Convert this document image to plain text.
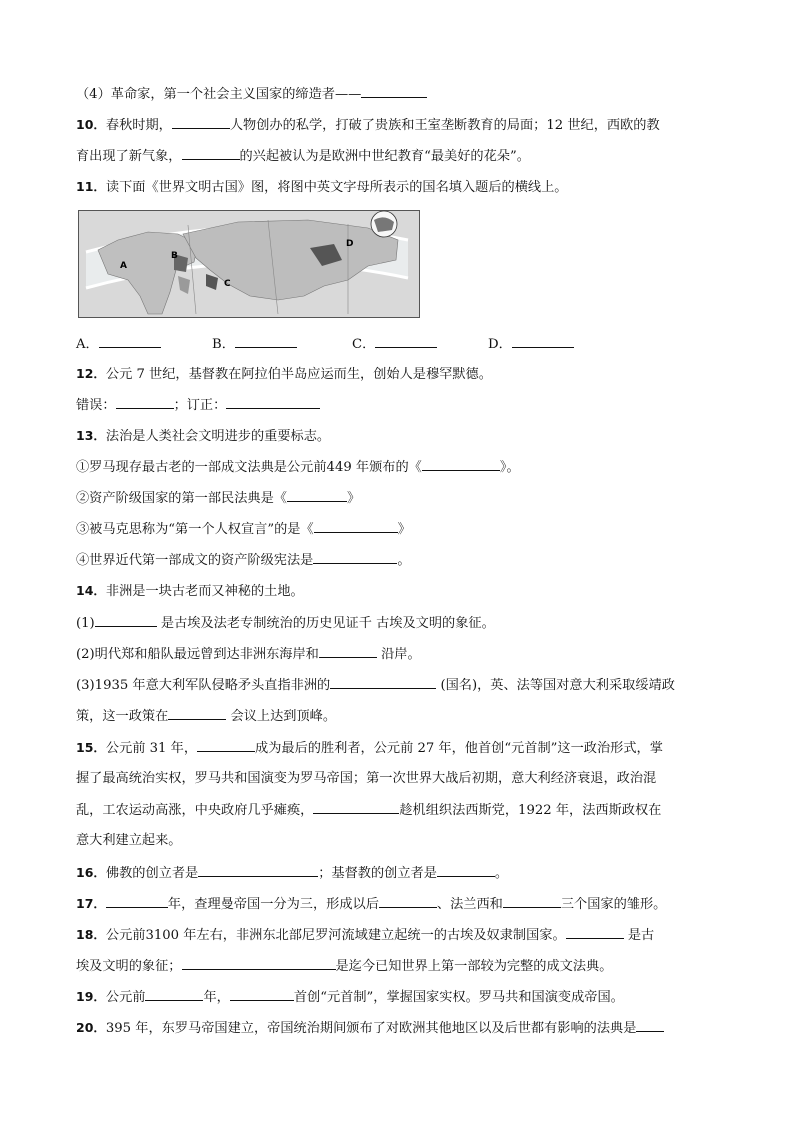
（4）革命家，第一个社会主义国家的缔造者——
10．春秋时期，	人物创办的私学，打破了贵族和王室垄断教育的局面；12 世纪，西欧的教
育出现了新气象，	的兴起被认为是欧洲中世纪教育“最美好的花朵”。
11．读下面《世界文明古国》图，将图中英文字母所表示的国名填入题后的横线上。
A
B
C
D
A．	B．	C．	D．
12．公元 7 世纪，基督教在阿拉伯半岛应运而生，创始人是穆罕默德。
错误：	；订正：
13．法治是人类社会文明进步的重要标志。
①罗马现存最古老的一部成文法典是公元前449 年颁布的《	》。
②资产阶级国家的第一部民法典是《	》
③被马克思称为“第一个人权宣言”的是《	》
④世界近代第一部成文的资产阶级宪法是	。
14．非洲是一块古老而又神秘的土地。
(1)	是古埃及法老专制统治的历史见证千 古埃及文明的象征。
(2)明代郑和船队最远曾到达非洲东海岸和	沿岸。
(3)1935 年意大利军队侵略矛头直指非洲的	(国名)，英、法等国对意大利采取绥靖政
策，这一政策在	会议上达到顶峰。
15．公元前 31 年，	成为最后的胜利者，公元前 27 年，他首创“元首制”这一政治形式，掌
握了最高统治实权，罗马共和国演变为罗马帝国；第一次世界大战后初期，意大利经济衰退，政治混
乱，工农运动高涨，中央政府几乎瘫痪，	趁机组织法西斯党，1922 年，法西斯政权在
意大利建立起来。
16．佛教的创立者是	；基督教的创立者是	。
17．	年，查理曼帝国一分为三，形成以后	、法兰西和	三个国家的雏形。
18．公元前3100 年左右，非洲东北部尼罗河流域建立起统一的古埃及奴隶制国家。	是古
埃及文明的象征；	是迄今已知世界上第一部较为完整的成文法典。
19．公元前	年，	首创“元首制”，掌握国家实权。罗马共和国演变成帝国。
20．395 年，东罗马帝国建立，帝国统治期间颁布了对欧洲其他地区以及后世都有影响的法典是
